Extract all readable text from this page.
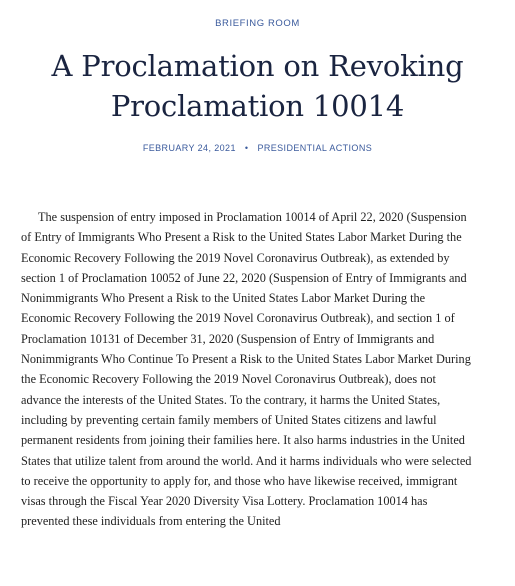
BRIEFING ROOM
A Proclamation on Revoking Proclamation 10014
FEBRUARY 24, 2021 • PRESIDENTIAL ACTIONS

The suspension of entry imposed in Proclamation 10014 of April 22, 2020 (Suspension of Entry of Immigrants Who Present a Risk to the United States Labor Market During the Economic Recovery Following the 2019 Novel Coronavirus Outbreak), as extended by section 1 of Proclamation 10052 of June 22, 2020 (Suspension of Entry of Immigrants and Nonimmigrants Who Present a Risk to the United States Labor Market During the Economic Recovery Following the 2019 Novel Coronavirus Outbreak), and section 1 of Proclamation 10131 of December 31, 2020 (Suspension of Entry of Immigrants and Nonimmigrants Who Continue To Present a Risk to the United States Labor Market During the Economic Recovery Following the 2019 Novel Coronavirus Outbreak), does not advance the interests of the United States. To the contrary, it harms the United States, including by preventing certain family members of United States citizens and lawful permanent residents from joining their families here. It also harms industries in the United States that utilize talent from around the world. And it harms individuals who were selected to receive the opportunity to apply for, and those who have likewise received, immigrant visas through the Fiscal Year 2020 Diversity Visa Lottery. Proclamation 10014 has prevented these individuals from entering the United
